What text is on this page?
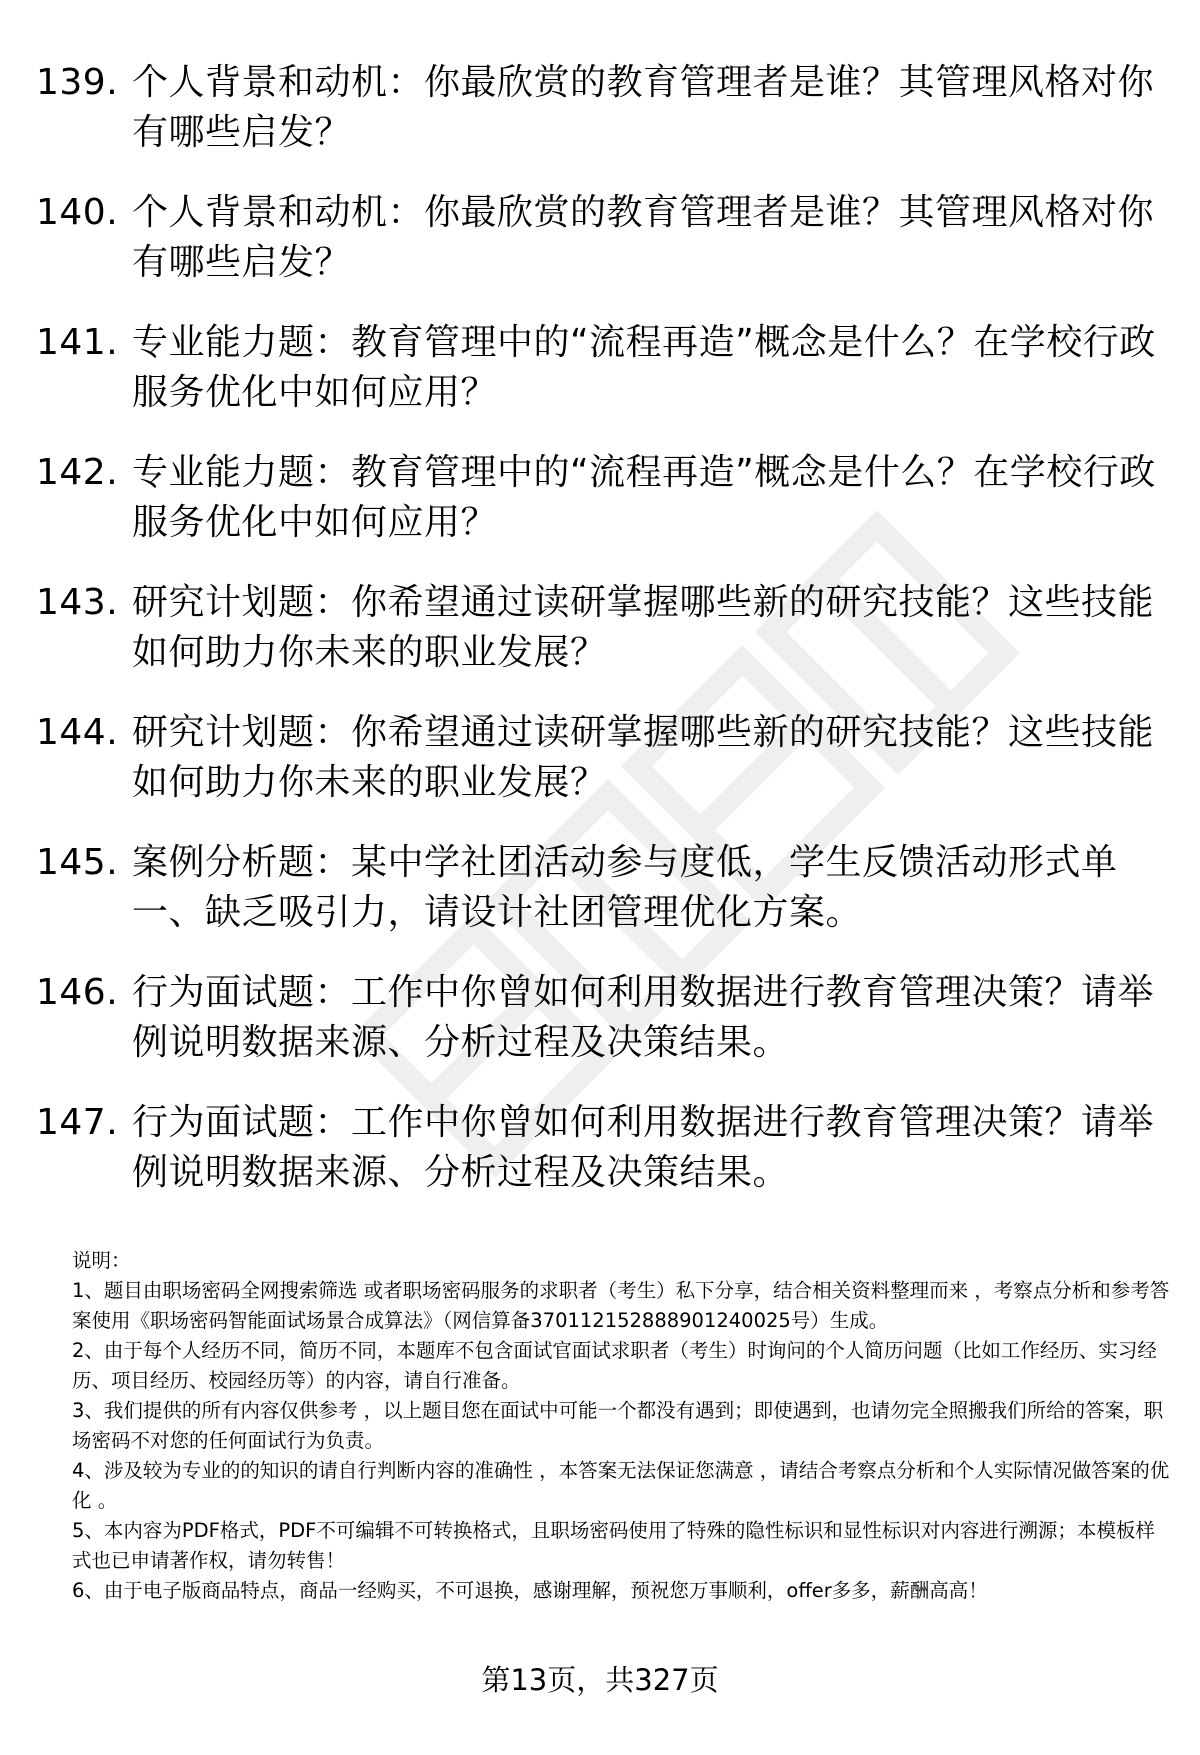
139. 个人背景和动机：你最欣赏的教育管理者是谁？其管理风格对你有哪些启发？
140. 个人背景和动机：你最欣赏的教育管理者是谁？其管理风格对你有哪些启发？
141. 专业能力题：教育管理中的“流程再造”概念是什么？在学校行政服务优化中如何应用？
142. 专业能力题：教育管理中的“流程再造”概念是什么？在学校行政服务优化中如何应用？
143. 研究计划题：你希望通过读研掌握哪些新的研究技能？这些技能如何助力你未来的职业发展？
144. 研究计划题：你希望通过读研掌握哪些新的研究技能？这些技能如何助力你未来的职业发展？
145. 案例分析题：某中学社团活动参与度低，学生反馈活动形式单一、缺乏吸引力，请设计社团管理优化方案。
146. 行为面试题：工作中你曾如何利用数据进行教育管理决策？请举例说明数据来源、分析过程及决策结果。
147. 行为面试题：工作中你曾如何利用数据进行教育管理决策？请举例说明数据来源、分析过程及决策结果。

说明：

1、题目由职场密码全网搜索筛选 或者职场密码服务的求职者（考生）私下分享，结合相关资料整理而来 ，考察点分析和参考答案使用《职场密码智能面试场景合成算法》（网信算备370112152888901240025号）生成。

2、由于每个人经历不同，简历不同，本题库不包含面试官面试求职者（考生）时询问的个人简历问题（比如工作经历、实习经历、项目经历、校园经历等）的内容，请自行准备。

3、我们提供的所有内容仅供参考 ，以上题目您在面试中可能一个都没有遇到；即使遇到，也请勿完全照搬我们所给的答案，职场密码不对您的任何面试行为负责。

4、涉及较为专业的的知识的请自行判断内容的准确性 ，本答案无法保证您满意 ，请结合考察点分析和个人实际情况做答案的优化 。

5、本内容为PDF格式，PDF不可编辑不可转换格式，且职场密码使用了特殊的隐性标识和显性标识对内容进行溯源；本模板样式也已申请著作权，请勿转售！

6、由于电子版商品特点，商品一经购买，不可退换，感谢理解，预祝您万事顺利，offer多多，薪酬高高！

第13页，共327页
